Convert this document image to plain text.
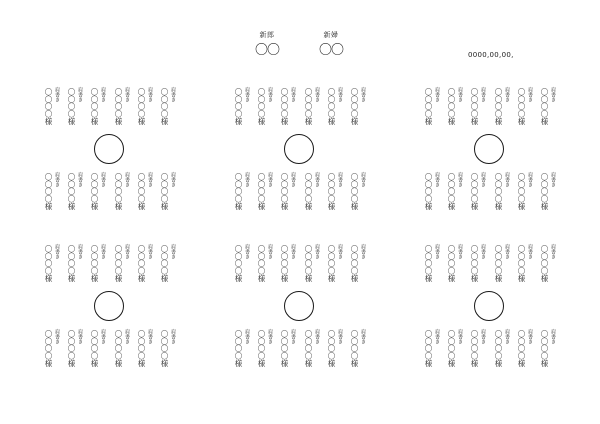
新郎
〇〇
新婦
〇〇	0000,00,00,
〇〇〇〇様 肩書き 〇〇〇〇様 肩書き 〇〇〇〇様 肩書き 〇〇〇〇様 肩書き 〇〇〇〇様 肩書き 〇〇〇〇様 肩書き
〇〇〇〇様 肩書き 〇〇〇〇様 肩書き 〇〇〇〇様 肩書き 〇〇〇〇様 肩書き 〇〇〇〇様 肩書き 〇〇〇〇様 肩書き
〇〇〇〇様 肩書き 〇〇〇〇様 肩書き 〇〇〇〇様 肩書き 〇〇〇〇様 肩書き 〇〇〇〇様 肩書き 〇〇〇〇様 肩書き
〇〇〇〇様 肩書き 〇〇〇〇様 肩書き 〇〇〇〇様 肩書き 〇〇〇〇様 肩書き 〇〇〇〇様 肩書き 〇〇〇〇様 肩書き
〇〇〇〇様 肩書き 〇〇〇〇様 肩書き 〇〇〇〇様 肩書き 〇〇〇〇様 肩書き 〇〇〇〇様 肩書き 〇〇〇〇様 肩書き
〇〇〇〇様 肩書き 〇〇〇〇様 肩書き 〇〇〇〇様 肩書き 〇〇〇〇様 肩書き 〇〇〇〇様 肩書き 〇〇〇〇様 肩書き
〇〇〇〇様 肩書き 〇〇〇〇様 肩書き 〇〇〇〇様 肩書き 〇〇〇〇様 肩書き 〇〇〇〇様 肩書き 〇〇〇〇様 肩書き
〇〇〇〇様 肩書き 〇〇〇〇様 肩書き 〇〇〇〇様 肩書き 〇〇〇〇様 肩書き 〇〇〇〇様 肩書き 〇〇〇〇様 肩書き
〇〇〇〇様 肩書き 〇〇〇〇様 肩書き 〇〇〇〇様 肩書き 〇〇〇〇様 肩書き 〇〇〇〇様 肩書き 〇〇〇〇様 肩書き
〇〇〇〇様 肩書き 〇〇〇〇様 肩書き 〇〇〇〇様 肩書き 〇〇〇〇様 肩書き 〇〇〇〇様 肩書き 〇〇〇〇様 肩書き
〇〇〇〇様 肩書き 〇〇〇〇様 肩書き 〇〇〇〇様 肩書き 〇〇〇〇様 肩書き 〇〇〇〇様 肩書き 〇〇〇〇様 肩書き
〇〇〇〇様 肩書き 〇〇〇〇様 肩書き 〇〇〇〇様 肩書き 〇〇〇〇様 肩書き 〇〇〇〇様 肩書き 〇〇〇〇様 肩書き
